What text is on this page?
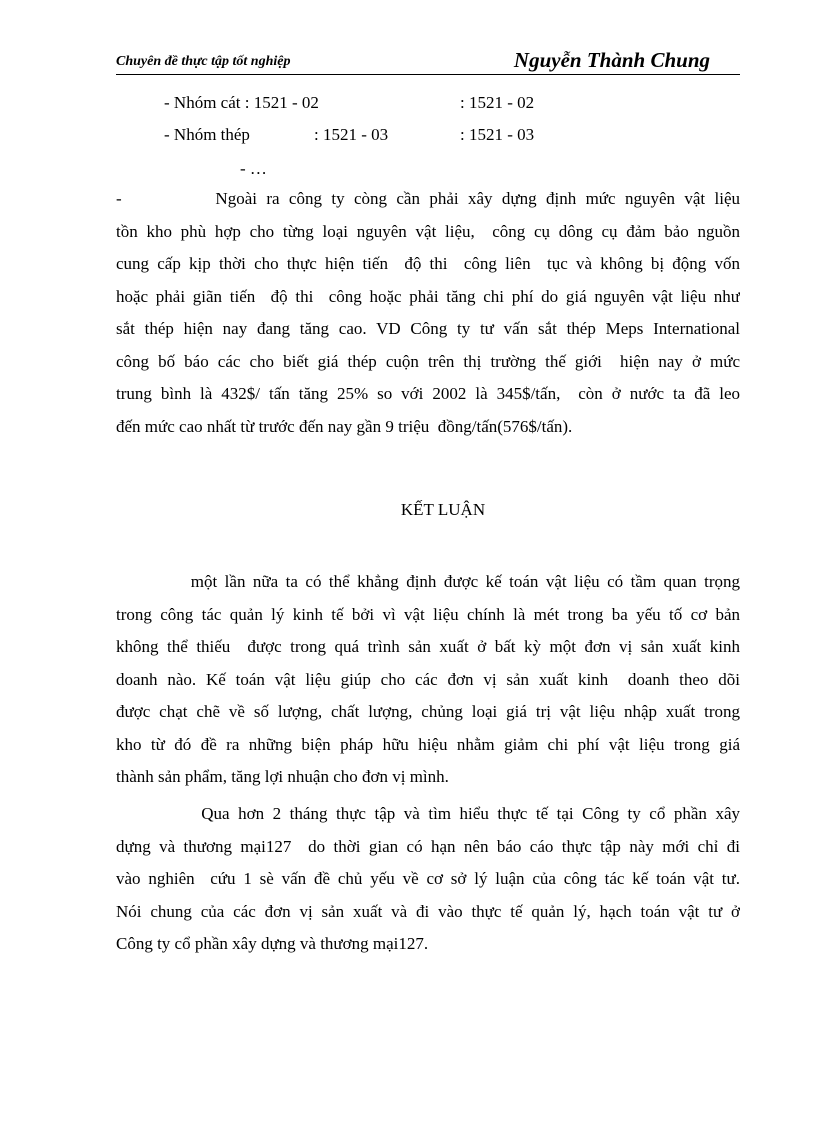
Chuyên đề thực tập tốt nghiệp	Nguyễn Thành Chung
- Nhóm cát : 1521 - 02	: 1521 - 02
- Nhóm thép	: 1521 - 03	: 1521 - 03
- …
-          Ngoài ra công ty còng cần phải xây dựng định mức nguyên vật liệu
tồn kho phù hợp cho từng loại nguyên vật liệu,  công cụ dông cụ đảm bảo nguồn
cung cấp kịp thời cho thực hiện tiến  độ thi  công liên  tục và không bị động vốn
hoặc phải giãn tiến  độ thi  công hoặc phải tăng chi phí do giá nguyên vật liệu như
sắt thép hiện nay đang tăng cao. VD Công ty tư vấn sắt thép Meps International
công bố báo các cho biết giá thép cuộn trên thị trường thế giới  hiện nay ở mức
trung bình là 432$/ tấn tăng 25% so với 2002 là 345$/tấn,  còn ở nước ta đã leo
đến mức cao nhất từ trước đến nay gần 9 triệu  đồng/tấn(576$/tấn).
KẾT LUẬN
một lần nữa ta có thể khẳng định được kế toán vật liệu có tầm quan trọng
trong công tác quản lý kinh tế bởi vì vật liệu chính là mét trong ba yếu tố cơ bản
không thể thiếu  được trong quá trình sản xuất ở bất kỳ một đơn vị sản xuất kinh
doanh nào. Kế toán vật liệu giúp cho các đơn vị sản xuất kinh  doanh theo dõi
được chạt chẽ về số lượng, chất lượng, chủng loại giá trị vật liệu nhập xuất trong
kho từ đó đề ra những biện pháp hữu hiệu nhằm giảm chi phí vật liệu trong giá
thành sản phẩm, tăng lợi nhuận cho đơn vị mình.
Qua hơn 2 tháng thực tập và tìm hiểu thực tế tại Công ty cổ phần xây
dựng và thương mại127  do thời gian có hạn nên báo cáo thực tập này mới chỉ đi
vào nghiên  cứu 1 sè vấn đề chủ yếu về cơ sở lý luận của công tác kế toán vật tư.
Nói chung của các đơn vị sản xuất và đi vào thực tế quản lý, hạch toán vật tư ở
Công ty cổ phần xây dựng và thương mại127.
